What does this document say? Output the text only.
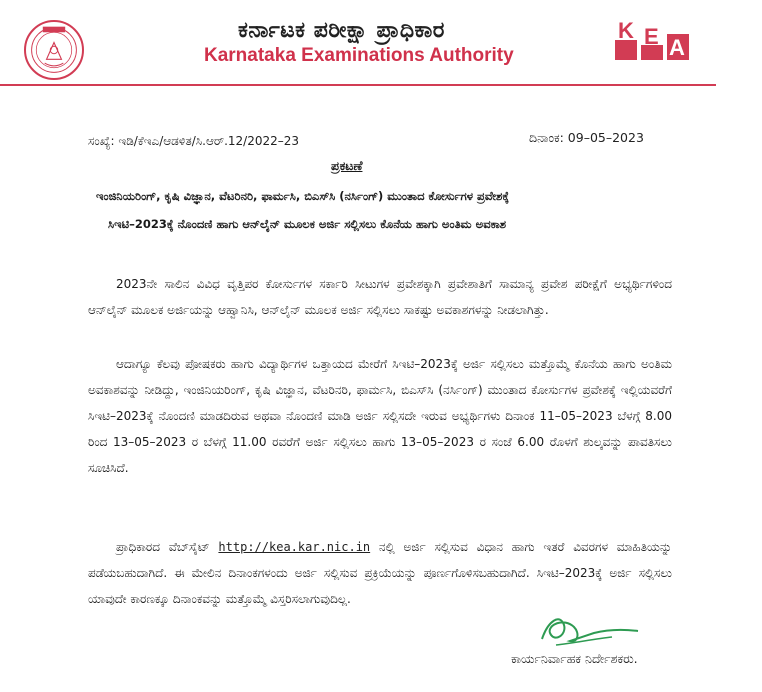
ಕರ್ನಾಟಕ ಪರೀಕ್ಷಾ ಪ್ರಾಧಿಕಾರ
Karnataka Examinations Authority
K E A
ಸಂಖ್ಯೆ: ಇಡಿ/ಕೆಇಎ/ಆಡಳಿತ/ಸಿ.ಆರ್.12/2022–23	ದಿನಾಂಕ: 09–05–2023
ಪ್ರಕಟಣೆ
ಇಂಜಿನಿಯರಿಂಗ್, ಕೃಷಿ ವಿಜ್ಞಾನ, ವೆಟರಿನರಿ, ಫಾರ್ಮಸಿ, ಬಿಎಸ್‌ಸಿ (ನರ್ಸಿಂಗ್) ಮುಂತಾದ ಕೋರ್ಸುಗಳ ಪ್ರವೇಶಕ್ಕೆ
ಸಿಇಟಿ–2023ಕ್ಕೆ ನೊಂದಣಿ ಹಾಗು ಆನ್‌ಲೈನ್ ಮೂಲಕ ಅರ್ಜಿ ಸಲ್ಲಿಸಲು ಕೊನೆಯ ಹಾಗು ಅಂತಿಮ ಅವಕಾಶ

2023ನೇ ಸಾಲಿನ ವಿವಿಧ ವೃತ್ತಿಪರ ಕೋರ್ಸುಗಳ ಸರ್ಕಾರಿ ಸೀಟುಗಳ ಪ್ರವೇಶಕ್ಕಾಗಿ ಪ್ರವೇಶಾತಿಗೆ ಸಾಮಾನ್ಯ ಪ್ರವೇಶ ಪರೀಕ್ಷೆಗೆ ಅಭ್ಯರ್ಥಿಗಳಿಂದ ಆನ್‌ಲೈನ್ ಮೂಲಕ ಅರ್ಜಿಯನ್ನು ಆಹ್ವಾನಿಸಿ, ಆನ್‌ಲೈನ್ ಮೂಲಕ ಅರ್ಜಿ ಸಲ್ಲಿಸಲು ಸಾಕಷ್ಟು ಅವಕಾಶಗಳನ್ನು ನೀಡಲಾಗಿತ್ತು.

ಆದಾಗ್ಯೂ ಕೆಲವು ಪೋಷಕರು ಹಾಗು ವಿದ್ಯಾರ್ಥಿಗಳ ಒತ್ತಾಯದ ಮೇರೆಗೆ ಸಿಇಟಿ–2023ಕ್ಕೆ ಅರ್ಜಿ ಸಲ್ಲಿಸಲು ಮತ್ತೊಮ್ಮೆ ಕೊನೆಯ ಹಾಗು ಅಂತಿಮ ಅವಕಾಶವನ್ನು ನೀಡಿದ್ದು, ಇಂಜಿನಿಯರಿಂಗ್, ಕೃಷಿ ವಿಜ್ಞಾನ, ವೆಟರಿನರಿ, ಫಾರ್ಮಸಿ, ಬಿಎಸ್‌ಸಿ (ನರ್ಸಿಂಗ್) ಮುಂತಾದ ಕೋರ್ಸುಗಳ ಪ್ರವೇಶಕ್ಕೆ ಇಲ್ಲಿಯವರೆಗೆ ಸಿಇಟಿ–2023ಕ್ಕೆ ನೊಂದಣಿ ಮಾಡದಿರುವ ಅಥವಾ ನೊಂದಣಿ ಮಾಡಿ ಅರ್ಜಿ ಸಲ್ಲಿಸದೇ ಇರುವ ಅಭ್ಯರ್ಥಿಗಳು ದಿನಾಂಕ 11–05–2023 ಬೆಳಗ್ಗೆ 8.00 ರಿಂದ 13–05–2023 ರ ಬೆಳಗ್ಗೆ 11.00 ರವರೆಗೆ ಅರ್ಜಿ ಸಲ್ಲಿಸಲು ಹಾಗು 13–05–2023 ರ ಸಂಜೆ 6.00 ರೊಳಗೆ ಶುಲ್ಕವನ್ನು ಪಾವತಿಸಲು ಸೂಚಿಸಿದೆ.

ಪ್ರಾಧಿಕಾರದ ವೆಬ್‌ಸೈಟ್ http://kea.kar.nic.in ನಲ್ಲಿ ಅರ್ಜಿ ಸಲ್ಲಿಸುವ ವಿಧಾನ ಹಾಗು ಇತರೆ ವಿವರಗಳ ಮಾಹಿತಿಯನ್ನು ಪಡೆಯಬಹುದಾಗಿದೆ. ಈ ಮೇಲಿನ ದಿನಾಂಕಗಳಂದು ಅರ್ಜಿ ಸಲ್ಲಿಸುವ ಪ್ರಕ್ರಿಯೆಯನ್ನು ಪೂರ್ಣಗೊಳಿಸಬಹುದಾಗಿದೆ. ಸಿಇಟಿ–2023ಕ್ಕೆ ಅರ್ಜಿ ಸಲ್ಲಿಸಲು ಯಾವುದೇ ಕಾರಣಕ್ಕೂ ದಿನಾಂಕವನ್ನು ಮತ್ತೊಮ್ಮೆ ವಿಸ್ತರಿಸಲಾಗುವುದಿಲ್ಲ.

ಕಾರ್ಯನಿರ್ವಾಹಕ ನಿರ್ದೇಶಕರು.
